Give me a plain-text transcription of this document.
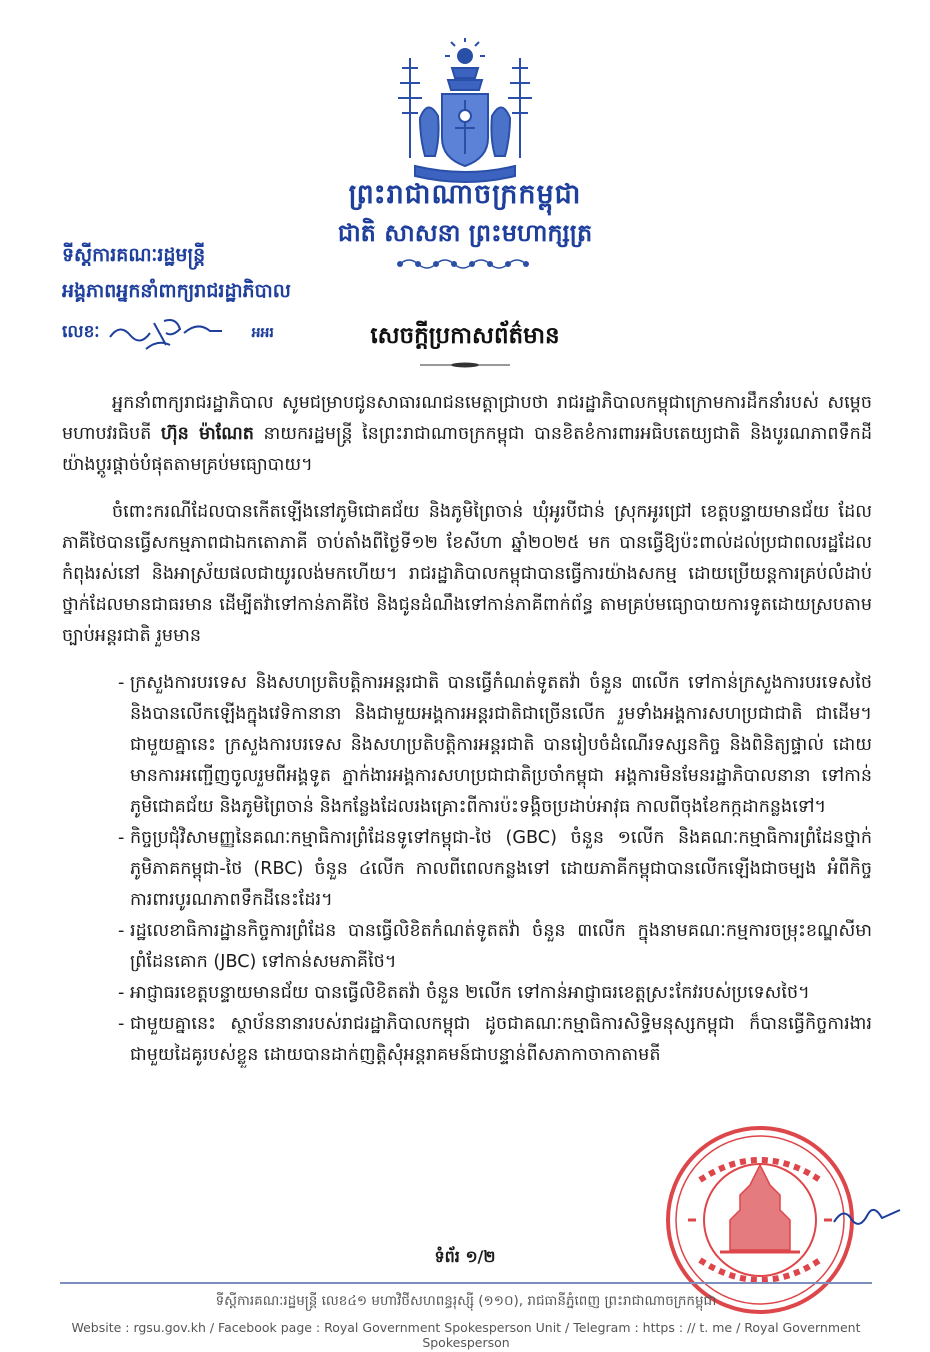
ព្រះរាជាណាចក្រកម្ពុជា
ជាតិ សាសនា ព្រះមហាក្សត្រ
ទីស្តីការគណៈរដ្ឋមន្ត្រី
អង្គភាពអ្នកនាំពាក្យរាជរដ្ឋាភិបាល
លេខៈ	អអរ	សេចក្តីប្រកាសព័ត៌មាន

អ្នកនាំពាក្យរាជរដ្ឋាភិបាល សូមជម្រាបជូនសាធារណជនមេត្តាជ្រាបថា រាជរដ្ឋាភិបាលកម្ពុជាក្រោមការដឹកនាំរបស់ សម្តេចមហាបវរធិបតី ហ៊ុន ម៉ាណែត នាយករដ្ឋមន្ត្រី នៃព្រះរាជាណាចក្រកម្ពុជា បានខិតខំការពារអធិបតេយ្យជាតិ និងបូរណភាពទឹកដីយ៉ាងប្តូរផ្តាច់បំផុតតាមគ្រប់មធ្យោបាយ។

ចំពោះករណីដែលបានកើតឡើងនៅភូមិជោគជ័យ និងភូមិព្រៃចាន់ ឃុំអូរបីជាន់ ស្រុកអូរជ្រៅ ខេត្តបន្ទាយមានជ័យ ដែលភាគីថៃបានធ្វើសកម្មភាពជាឯកតោភាគី ចាប់តាំងពីថ្ងៃទី១២ ខែសីហា ឆ្នាំ២០២៥ មក បានធ្វើឱ្យប៉ះពាល់ដល់ប្រជាពលរដ្ឋដែលកំពុងរស់នៅ និងអាស្រ័យផលជាយូរលង់មកហើយ។ រាជរដ្ឋាភិបាលកម្ពុជាបានធ្វើការយ៉ាងសកម្ម ដោយប្រើយន្តការគ្រប់លំដាប់ថ្នាក់ដែលមានជាធរមាន ដើម្បីតវ៉ាទៅកាន់ភាគីថៃ និងជូនដំណឹងទៅកាន់ភាគីពាក់ព័ន្ធ តាមគ្រប់មធ្យោបាយការទូតដោយស្របតាមច្បាប់អន្តរជាតិ រួមមាន

- ក្រសួងការបរទេស និងសហប្រតិបត្តិការអន្តរជាតិ បានធ្វើកំណត់ទូតតវ៉ា ចំនួន ៣លើក ទៅកាន់ក្រសួងការបរទេសថៃ និងបានលើកឡើងក្នុងវេទិកានានា និងជាមួយអង្គការអន្តរជាតិជាច្រើនលើក រួមទាំងអង្គការសហប្រជាជាតិ ជាដើម។ ជាមួយគ្នានេះ ក្រសួងការបរទេស និងសហប្រតិបត្តិការអន្តរជាតិ បានរៀបចំដំណើរទស្សនកិច្ច និងពិនិត្យផ្ទាល់ ដោយមានការអញ្ជើញចូលរួមពីអង្គទូត ភ្នាក់ងារអង្គការសហប្រជាជាតិប្រចាំកម្ពុជា អង្គការមិនមែនរដ្ឋាភិបាលនានា ទៅកាន់ភូមិជោគជ័យ និងភូមិព្រៃចាន់ និងកន្លែងដែលរងគ្រោះពីការប៉ះទង្គិចប្រដាប់អាវុធ កាលពីចុងខែកក្កដាកន្លងទៅ។
- កិច្ចប្រជុំវិសាមញ្ញនៃគណៈកម្មាធិការព្រំដែនទូទៅកម្ពុជា-ថៃ (GBC) ចំនួន ១លើក និងគណៈកម្មាធិការព្រំដែនថ្នាក់ភូមិភាគកម្ពុជា-ថៃ (RBC) ចំនួន ៤លើក កាលពីពេលកន្លងទៅ ដោយភាគីកម្ពុជាបានលើកឡើងជាចម្បង អំពីកិច្ចការពារបូរណភាពទឹកដីនេះដែរ។
- រដ្ឋលេខាធិការដ្ឋានកិច្ចការព្រំដែន បានធ្វើលិខិតកំណត់ទូតតវ៉ា ចំនួន ៣លើក ក្នុងនាមគណៈកម្មការចម្រុះខណ្ឌសីមាព្រំដែនគោក (JBC) ទៅកាន់សមភាគីថៃ។
- អាជ្ញាធរខេត្តបន្ទាយមានជ័យ បានធ្វើលិខិតតវ៉ា ចំនួន ២លើក ទៅកាន់អាជ្ញាធរខេត្តស្រះកែវរបស់ប្រទេសថៃ។
- ជាមួយគ្នានេះ ស្ថាប័ននានារបស់រាជរដ្ឋាភិបាលកម្ពុជា ដូចជាគណៈកម្មាធិការសិទ្ធិមនុស្សកម្ពុជា ក៏បានធ្វើកិច្ចការងារជាមួយដៃគូរបស់ខ្លួន ដោយបានដាក់ញត្តិសុំអន្តរាគមន៍ជាបន្ទាន់ពីសភាកាចាកាតាមតី
ទំព័រ ១/២
ទីស្តីការគណៈរដ្ឋមន្ត្រី លេខ៤១ មហាវិថីសហពន្ធរុស្ស៊ី (១១០), រាជធានីភ្នំពេញ ព្រះរាជាណាចក្រកម្ពុជា
Website : rgsu.gov.kh / Facebook page : Royal Government Spokesperson Unit / Telegram : https : // t. me / Royal Government Spokesperson
